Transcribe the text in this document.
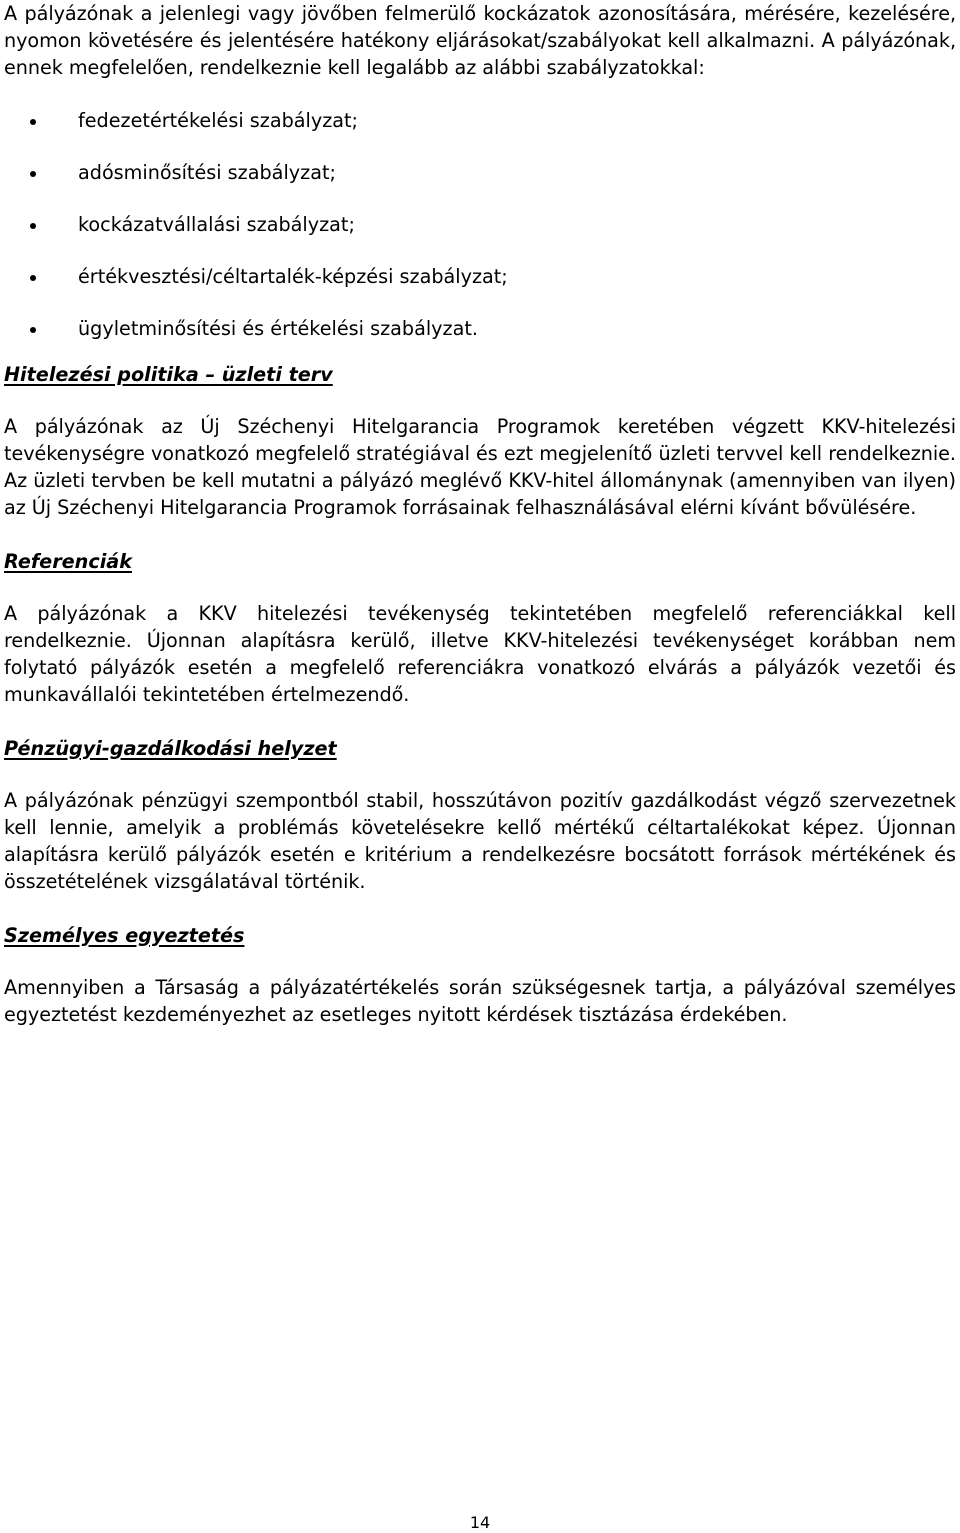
A pályázónak a jelenlegi vagy jövőben felmerülő kockázatok azonosítására, mérésére, kezelésére, nyomon követésére és jelentésére hatékony eljárásokat/szabályokat kell alkalmazni. A pályázónak, ennek megfelelően, rendelkeznie kell legalább az alábbi szabályzatokkal:

fedezetértékelési szabályzat;
adósminősítési szabályzat;
kockázatvállalási szabályzat;
értékvesztési/céltartalék-képzési szabályzat;
ügyletminősítési és értékelési szabályzat.
Hitelezési politika – üzleti terv

A pályázónak az Új Széchenyi Hitelgarancia Programok keretében végzett KKV-hitelezési tevékenységre vonatkozó megfelelő stratégiával és ezt megjelenítő üzleti tervvel kell rendelkeznie. Az üzleti tervben be kell mutatni a pályázó meglévő KKV-hitel állománynak (amennyiben van ilyen) az Új Széchenyi Hitelgarancia Programok forrásainak felhasználásával elérni kívánt bővülésére.

Referenciák

A pályázónak a KKV hitelezési tevékenység tekintetében megfelelő referenciákkal kell rendelkeznie. Újonnan alapításra kerülő, illetve KKV-hitelezési tevékenységet korábban nem folytató pályázók esetén a megfelelő referenciákra vonatkozó elvárás a pályázók vezetői és munkavállalói tekintetében értelmezendő.

Pénzügyi-gazdálkodási helyzet

A pályázónak pénzügyi szempontból stabil, hosszútávon pozitív gazdálkodást végző szervezetnek kell lennie, amelyik a problémás követelésekre kellő mértékű céltartalékokat képez. Újonnan alapításra kerülő pályázók esetén e kritérium a rendelkezésre bocsátott források mértékének és összetételének vizsgálatával történik.

Személyes egyeztetés

Amennyiben a Társaság a pályázatértékelés során szükségesnek tartja, a pályázóval személyes egyeztetést kezdeményezhet az esetleges nyitott kérdések tisztázása érdekében.

14
